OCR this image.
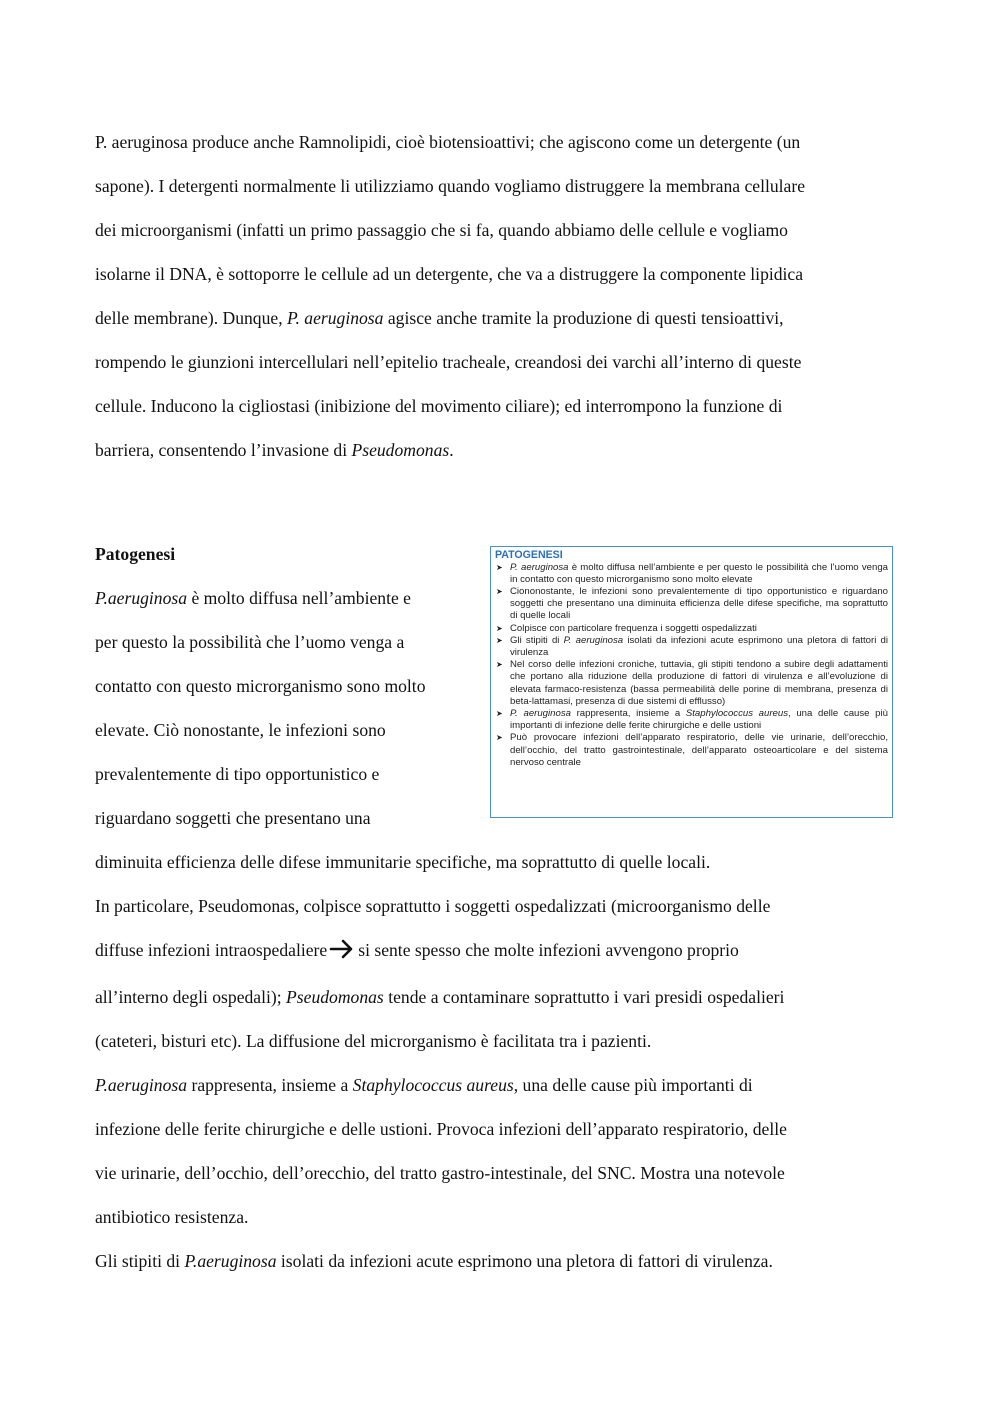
P. aeruginosa produce anche Ramnolipidi, cioè biotensioattivi; che agiscono come un detergente (un
sapone). I detergenti normalmente li utilizziamo quando vogliamo distruggere la membrana cellulare
dei microorganismi (infatti un primo passaggio che si fa, quando abbiamo delle cellule e vogliamo
isolarne il DNA, è sottoporre le cellule ad un detergente, che va a distruggere la componente lipidica
delle membrane). Dunque, P. aeruginosa agisce anche tramite la produzione di questi tensioattivi,
rompendo le giunzioni intercellulari nell’epitelio tracheale, creandosi dei varchi all’interno di queste
cellule. Inducono la cigliostasi (inibizione del movimento ciliare); ed interrompono la funzione di
barriera, consentendo l’invasione di Pseudomonas.
Patogenesi
P.aeruginosa è molto diffusa nell’ambiente e
per questo la possibilità che l’uomo venga a
contatto con questo microrganismo sono molto
elevate. Ciò nonostante, le infezioni sono
prevalentemente di tipo opportunistico e
riguardano soggetti che presentano una

PATOGENESI

➤ P. aeruginosa è molto diffusa nell’ambiente e per questo le possibilità che l’uomo venga in contatto con questo microrganismo sono molto elevate
➤ Ciononostante, le infezioni sono prevalentemente di tipo opportunistico e riguardano soggetti che presentano una diminuita efficienza delle difese specifiche, ma soprattutto di quelle locali
➤ Colpisce con particolare frequenza i soggetti ospedalizzati
➤ Gli stipiti di P. aeruginosa isolati da infezioni acute esprimono una pletora di fattori di virulenza
➤ Nel corso delle infezioni croniche, tuttavia, gli stipiti tendono a subire degli adattamenti che portano alla riduzione della produzione di fattori di virulenza e all’evoluzione di elevata farmaco-resistenza (bassa permeabilità delle porine di membrana, presenza di beta-lattamasi, presenza di due sistemi di efflusso)
➤ P. aeruginosa rappresenta, insieme a Staphylococcus aureus, una delle cause più importanti di infezione delle ferite chirurgiche e delle ustioni
➤ Può provocare infezioni dell’apparato respiratorio, delle vie urinarie, dell’orecchio, dell’occhio, del tratto gastrointestinale, dell’apparato osteoarticolare e del sistema nervoso centrale
diminuita efficienza delle difese immunitarie specifiche, ma soprattutto di quelle locali.
In particolare, Pseudomonas, colpisce soprattutto i soggetti ospedalizzati (microorganismo delle
diffuse infezioni intraospedaliere si sente spesso che molte infezioni avvengono proprio
all’interno degli ospedali); Pseudomonas tende a contaminare soprattutto i vari presidi ospedalieri
(cateteri, bisturi etc). La diffusione del microrganismo è facilitata tra i pazienti.
P.aeruginosa rappresenta, insieme a Staphylococcus aureus, una delle cause più importanti di
infezione delle ferite chirurgiche e delle ustioni. Provoca infezioni dell’apparato respiratorio, delle
vie urinarie, dell’occhio, dell’orecchio, del tratto gastro‑intestinale, del SNC. Mostra una notevole
antibiotico resistenza.
Gli stipiti di P.aeruginosa isolati da infezioni acute esprimono una pletora di fattori di virulenza.
